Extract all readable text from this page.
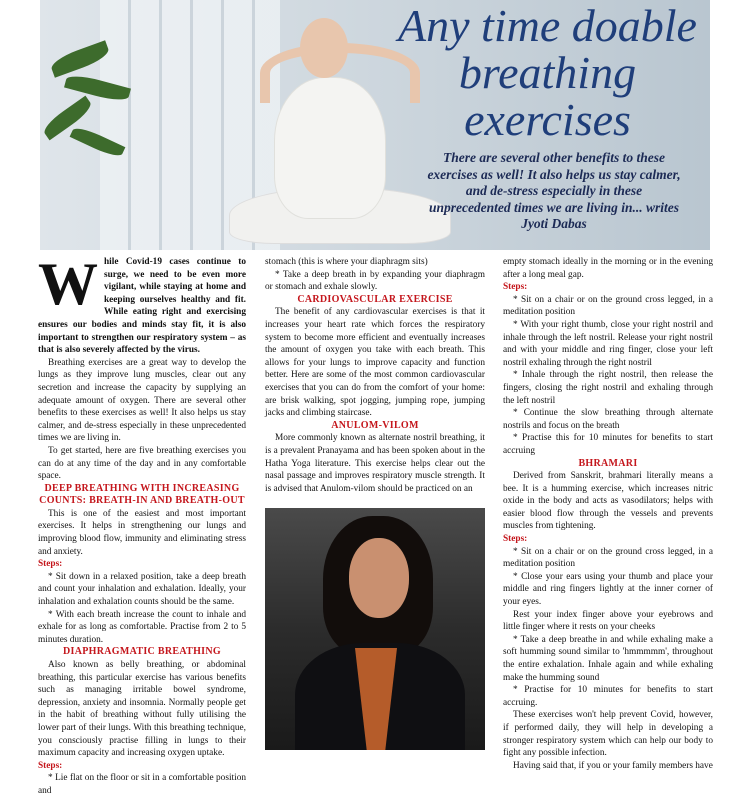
Any time doable breathing exercises
There are several other benefits to these exercises as well! It also helps us stay calmer, and de-stress especially in these unprecedented times we are living in... writes Jyoti Dabas

While Covid-19 cases continue to surge, we need to be even more vigilant, while staying at home and keeping ourselves healthy and fit. While eating right and exercising ensures our bodies and minds stay fit, it is also important to strengthen our respiratory system – as that is also severely affected by the virus.

Breathing exercises are a great way to develop the lungs as they improve lung muscles, clear out any secretion and increase the capacity by supplying an adequate amount of oxygen. There are several other benefits to these exercises as well! It also helps us stay calmer, and de-stress especially in these unprecedented times we are living in.

To get started, here are five breathing exercises you can do at any time of the day and in any comfortable space.

DEEP BREATHING WITH INCREASING COUNTS: BREATH-IN AND BREATH-OUT

This is one of the easiest and most important exercises. It helps in strengthening our lungs and improving blood flow, immunity and eliminating stress and anxiety.

Steps:

* Sit down in a relaxed position, take a deep breath and count your inhalation and exhalation. Ideally, your inhalation and exhalation counts should be the same.

* With each breath increase the count to inhale and exhale for as long as comfortable. Practise from 2 to 5 minutes duration.

DIAPHRAGMATIC BREATHING

Also known as belly breathing, or abdominal breathing, this particular exercise has various benefits such as managing irritable bowel syndrome, depression, anxiety and insomnia. Normally people get in the habit of breathing without fully utilising the lower part of their lungs. With this breathing technique, you consciously practise filling in lungs to their maximum capacity and increasing oxygen uptake.

Steps:

* Lie flat on the floor or sit in a comfortable position and

stomach (this is where your diaphragm sits)

* Take a deep breath in by expanding your diaphragm or stomach and exhale slowly.

CARDIOVASCULAR EXERCISE

The benefit of any cardiovascular exercises is that it increases your heart rate which forces the respiratory system to become more efficient and eventually increases the amount of oxygen you take with each breath. This allows for your lungs to improve capacity and function better. Here are some of the most common cardiovascular exercises that you can do from the comfort of your home: are brisk walking, spot jogging, jumping rope, jumping jacks and climbing staircase.

ANULOM-VILOM

More commonly known as alternate nostril breathing, it is a prevalent Pranayama and has been spoken about in the Hatha Yoga literature. This exercise helps clear out the nasal passage and improves respiratory muscle strength. It is advised that Anulom-vilom should be practiced on an

empty stomach ideally in the morning or in the evening after a long meal gap.

Steps:

* Sit on a chair or on the ground cross legged, in a meditation position

* With your right thumb, close your right nostril and inhale through the left nostril. Release your right nostril and with your middle and ring finger, close your left nostril exhaling through the right nostril

* Inhale through the right nostril, then release the fingers, closing the right nostril and exhaling through the left nostril

* Continue the slow breathing through alternate nostrils and focus on the breath

* Practise this for 10 minutes for benefits to start accruing

BHRAMARI

Derived from Sanskrit, brahmari literally means a bee. It is a humming exercise, which increases nitric oxide in the body and acts as vasodilators; helps with easier blood flow through the vessels and prevents muscles from tightening.

Steps:

* Sit on a chair or on the ground cross legged, in a meditation position

* Close your ears using your thumb and place your middle and ring fingers lightly at the inner corner of your eyes.

Rest your index finger above your eyebrows and little finger where it rests on your cheeks

* Take a deep breathe in and while exhaling make a soft humming sound similar to 'hmmmmm', throughout the entire exhalation. Inhale again and while exhaling make the humming sound

* Practise for 10 minutes for benefits to start accruing.

These exercises won't help prevent Covid, however, if performed daily, they will help in developing a stronger respiratory system which can help our body to fight any possible infection.

Having said that, if you or your family members have
